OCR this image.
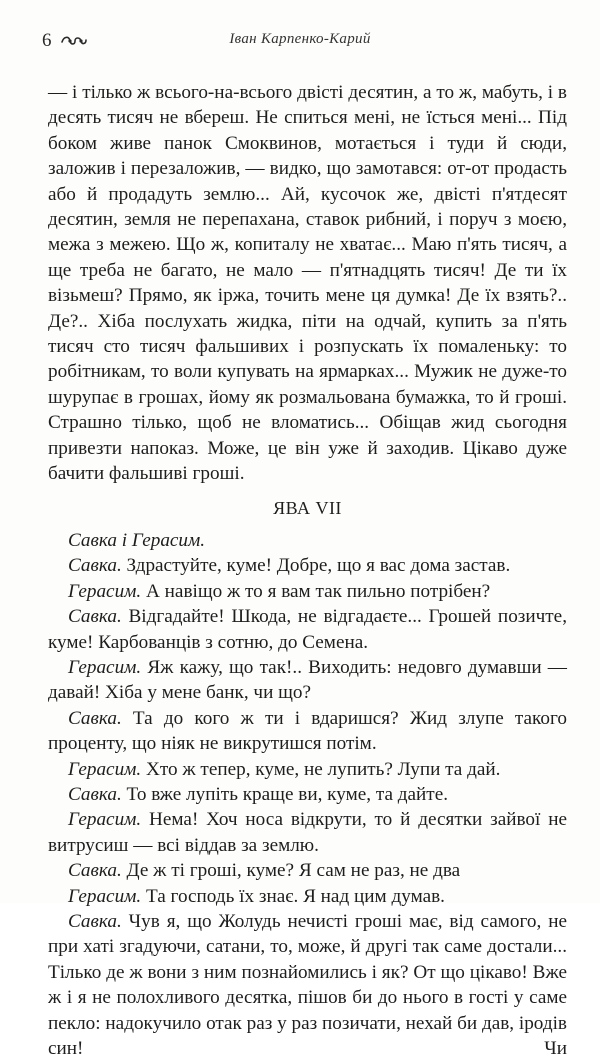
6	Іван Карпенко-Карий

— і тілько ж всього-на-всього двісті десятин, а то ж, мабуть, і в десять тисяч не вбереш. Не спиться мені, не їсться мені... Під боком живе панок Смоквинов, мотається і туди й сюди, заложив і перезаложив, — видко, що замотався: от-от продасть або й продадуть землю... Ай, кусочок же, двісті п'ятдесят десятин, земля не перепахана, ставок рибний, і поруч з моєю, межа з межею. Що ж, копиталу не хватає... Маю п'ять тисяч, а ще треба не багато, не мало — п'ятнадцять тисяч! Де ти їх візьмеш? Прямо, як іржа, точить мене ця думка! Де їх взять?.. Де?.. Хіба послухать жидка, піти на одчай, купить за п'ять тисяч сто тисяч фальшивих і розпускать їх помаленьку: то робітникам, то воли купувать на ярмарках... Мужик не дуже-то шурупає в грошах, йому як розмальована бумажка, то й гроші. Страшно тілько, щоб не вломатись... Обіщав жид сьогодня привезти напоказ. Може, це він уже й заходив. Цікаво дуже бачити фальшиві гроші.

ЯВА VII

Савка і Герасим.

Савка. Здрастуйте, куме! Добре, що я вас дома застав.

Герасим. А навіщо ж то я вам так пильно потрібен?

Савка. Відгадайте! Шкода, не відгадаєте... Грошей позичте, куме! Карбованців з сотню, до Семена.

Герасим. Яж кажу, що так!.. Виходить: недовго думавши — давай! Хіба у мене банк, чи що?

Савка. Та до кого ж ти і вдаришся? Жид злупе такого проценту, що ніяк не викрутишся потім.

Герасим. Хто ж тепер, куме, не лупить? Лупи та дай.

Савка. То вже лупіть краще ви, куме, та дайте.

Герасим. Нема! Хоч носа відкрути, то й десятки зайвої не витрусиш — всі віддав за землю.

Савка. Де ж ті гроші, куме? Я сам не раз, не два

Герасим. Та господь їх знає. Я над цим думав.

Савка. Чув я, що Жолудь нечисті гроші має, від самого, не при хаті згадуючи, сатани, то, може, й другі так саме достали... Тілько де ж вони з ним познайомились і як? От що цікаво! Вже ж і я не полохливого десятка, пішов би до нього в гості у саме пекло: надокучило отак раз у раз позичати, нехай би дав, іродів син! Чи
